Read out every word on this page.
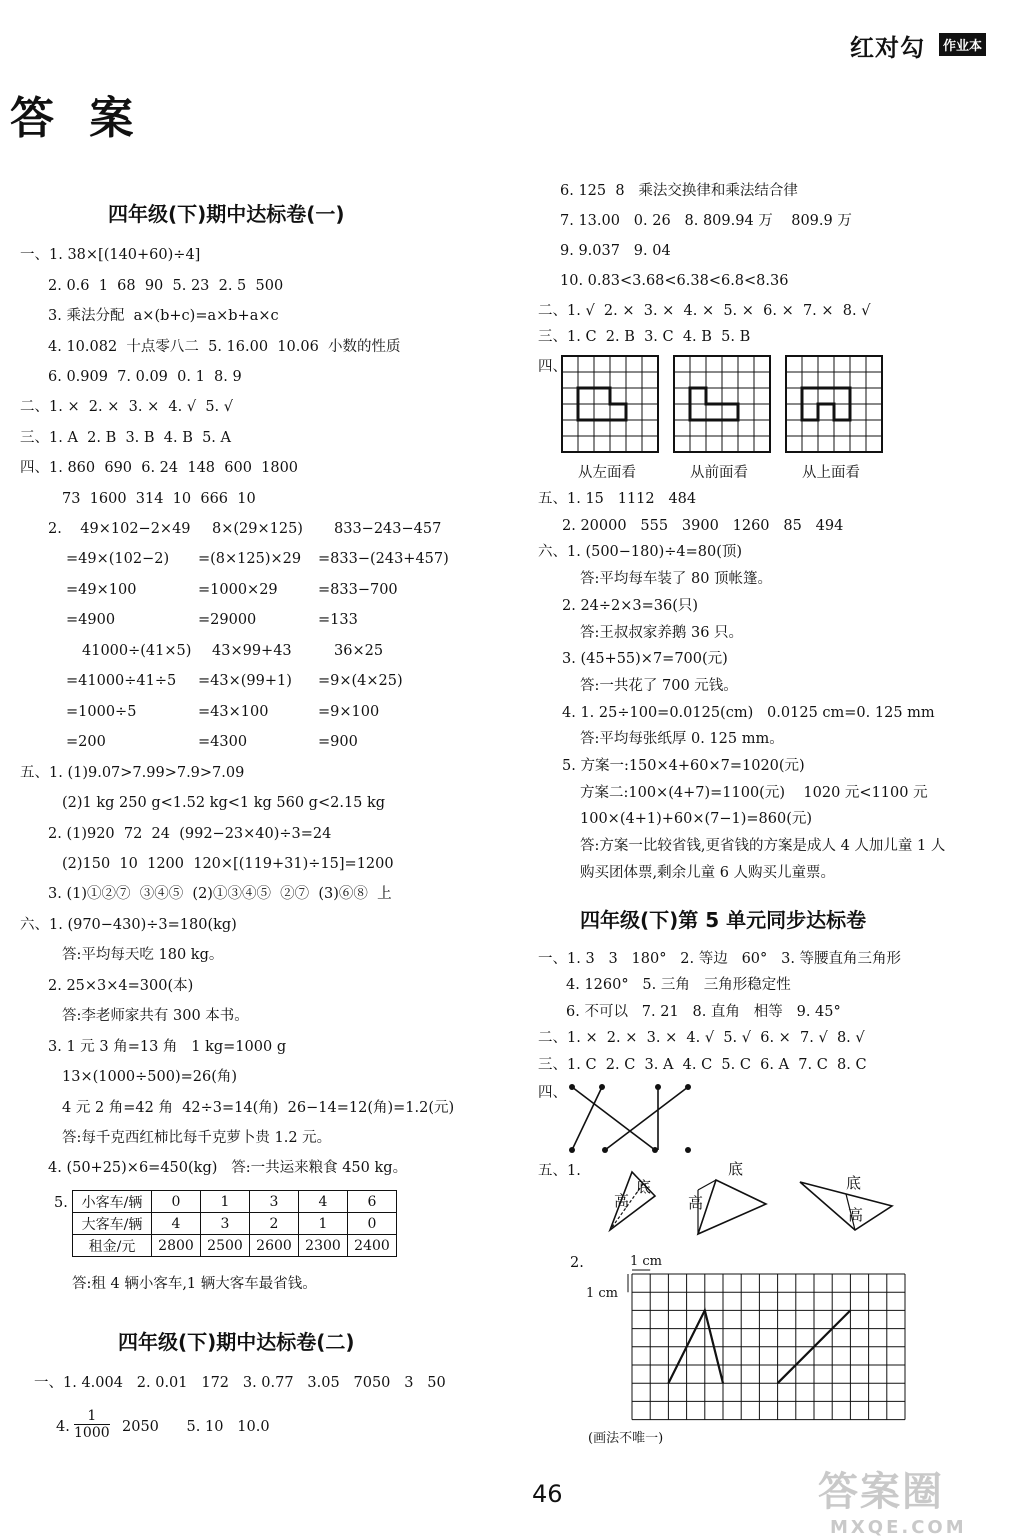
红对勾	作业本
答 案
四年级(下)期中达标卷(一)
一、1. 38×[(140+60)÷4]
2. 0.6  1  68  90  5. 23  2. 5  500
3. 乘法分配  a×(b+c)=a×b+a×c
4. 10.082  十点零八二  5. 16.00  10.06  小数的性质
6. 0.909  7. 0.09  0. 1  8. 9
二、1. ×  2. ×  3. ×  4. √  5. √
三、1. A  2. B  3. B  4. B  5. A
四、1. 860  690  6. 24  148  600  1800
73  1600  314  10  666  10
2.    49×102−2×49 8×(29×125) 833−243−457
=49×(102−2) =(8×125)×29 =833−(243+457)
=49×100	=1000×29	=833−700
=4900	=29000	=133
41000÷(41×5) 43×99+43	36×25
=41000÷41÷5 =43×(99+1) =9×(4×25)
=1000÷5	=43×100	=9×100
=200	=4300	=900
五、1. (1)9.07>7.99>7.9>7.09
(2)1 kg 250 g<1.52 kg<1 kg 560 g<2.15 kg
2. (1)920  72  24  (992−23×40)÷3=24
(2)150  10  1200  120×[(119+31)÷15]=1200
3. (1)①②⑦  ③④⑤  (2)①③④⑤  ②⑦  (3)⑥⑧  上
六、1. (970−430)÷3=180(kg)
答:平均每天吃 180 kg。
2. 25×3×4=300(本)
答:李老师家共有 300 本书。
3. 1 元 3 角=13 角   1 kg=1000 g
13×(1000÷500)=26(角)
4 元 2 角=42 角  42÷3=14(角)  26−14=12(角)=1.2(元)
答:每千克西红柿比每千克萝卜贵 1.2 元。
4. (50+25)×6=450(kg)   答:一共运来粮食 450 kg。
5. 小客车/辆	0	1	3	4	6
大客车/辆	4	3	2	1	0
租金/元	2800	2500	2600	2300	2400
答:租 4 辆小客车,1 辆大客车最省钱。
四年级(下)期中达标卷(二)
一、1. 4.004   2. 0.01   172   3. 0.77   3.05   7050   3   50
4. $\frac{1}{1000} 2050$      5. 10   10.0
6. 125  8   乘法交换律和乘法结合律
7. 13.00   0. 26   8. 809.94 万    809.9 万
9. 9.037   9. 04
10. 0.83<3.68<6.38<6.8<8.36
二、1. √  2. ×  3. ×  4. ×  5. ×  6. ×  7. ×  8. √
三、1. C  2. B  3. C  4. B  5. B
四、
从左面看	从前面看	从上面看
五、1. 15   1112   484
2. 20000   555   3900   1260   85   494
六、1. (500−180)÷4=80(顶)
答:平均每车装了 80 顶帐篷。
2. 24÷2×3=36(只)
答:王叔叔家养鹅 36 只。
3. (45+55)×7=700(元)
答:一共花了 700 元钱。
4. 1. 25÷100=0.0125(cm)   0.0125 cm=0. 125 mm
答:平均每张纸厚 0. 125 mm。
5. 方案一:150×4+60×7=1020(元)
方案二:100×(4+7)=1100(元)    1020 元<1100 元
100×(4+1)+60×(7−1)=860(元)
答:方案一比较省钱,更省钱的方案是成人 4 人加儿童 1 人
购买团体票,剩余儿童 6 人购买儿童票。
四年级(下)第 5 单元同步达标卷
一、1. 3   3   180°   2. 等边   60°   3. 等腰直角三角形
4. 1260°   5. 三角   三角形稳定性
6. 不可以   7. 21   8. 直角   相等   9. 45°
二、1. ×  2. ×  3. ×  4. √  5. √  6. ×  7. √  8. √
三、1. C  2. C  3. A  4. C  5. C  6. A  7. C  8. C
四、
五、1.
底
高
底
高
底
高
2.	1 cm
1 cm
(画法不唯一)
46	答案圈
MXQE.COM
